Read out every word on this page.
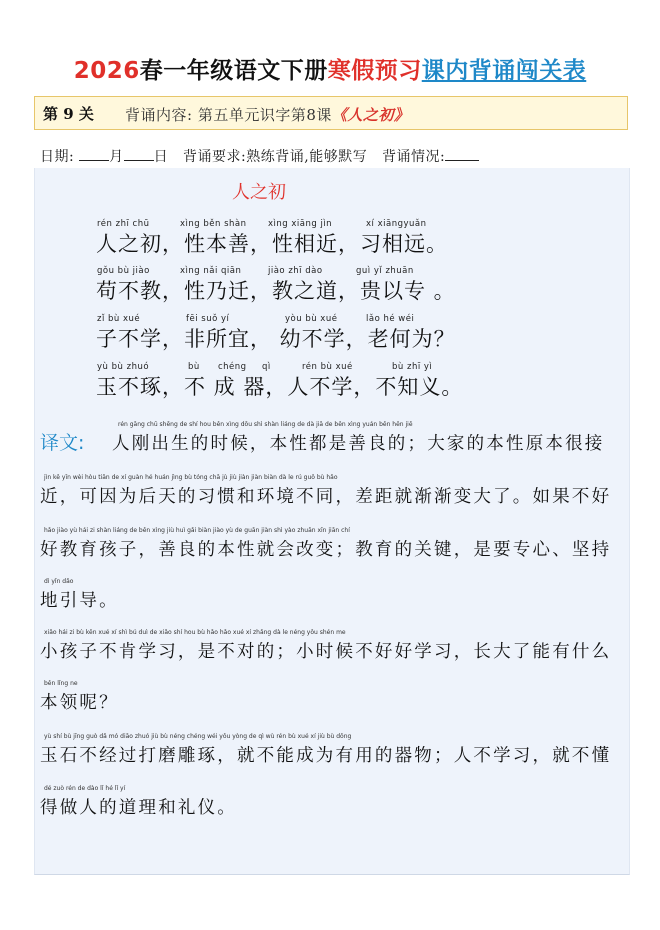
2026春一年级语文下册寒假预习课内背诵闯关表
第 9 关 背诵内容: 第五单元识字第8课《人之初》
日期: 月 日 背诵要求:熟练背诵,能够默写 背诵情况:
人之初
rén zhī chū	xìng běn shàn	xìng xiāng jìn	xí xiāngyuǎn
人之初，性本善，性相近，习相远。
gǒu bù jiào	xìng nǎi qiān	jiào zhī dào	guì yǐ zhuān
苟不教，性乃迁，教之道，贵以专 。
zǐ bù xué	fēi suǒ yí	yòu bù xué	lǎo hé wéi
子不学，非所宜， 幼不学，老何为？
yù bù zhuó	bù chéng qì	rén bù xué	bù zhī yì
玉不琢，不 成 器，人不学，不知义。
译文:
rén gāng chū shēng de shí hou běn xìng dōu shì shàn liáng de dà jiā de běn xìng yuán běn hěn jiē
人刚出生的时候，本性都是善良的；大家的本性原本很接
jìn kě yīn wèi hòu tiān de xí guàn hé huán jìng bù tóng chā jù jiù jiàn jiàn biàn dà le rú guǒ bù hǎo
近，可因为后天的习惯和环境不同，差距就渐渐变大了。如果不好
hǎo jiào yù hái zi shàn liáng de běn xìng jiù huì gǎi biàn jiào yù de guān jiàn shì yào zhuān xīn jiān chí
好教育孩子，善良的本性就会改变；教育的关键，是要专心、坚持
dì yǐn dǎo
地引导。
xiǎo hái zi bù kěn xué xí shì bú duì de xiǎo shí hou bù hǎo hǎo xué xí zhǎng dà le néng yǒu shén me
小孩子不肯学习，是不对的；小时候不好好学习，长大了能有什么
běn lǐng ne
本领呢？
yù shí bù jīng guò dǎ mó diāo zhuó jiù bù néng chéng wéi yǒu yòng de qì wù rén bù xué xí jiù bù dǒng
玉石不经过打磨雕琢，就不能成为有用的器物；人不学习，就不懂
dé zuò rén de dào lǐ hé lǐ yí
得做人的道理和礼仪。
